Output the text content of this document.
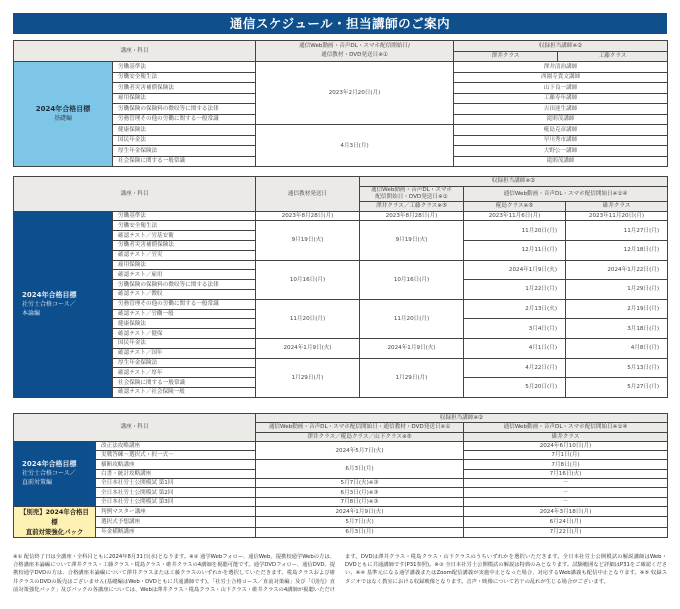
通信スケジュール・担当講師のご案内
講座・科目		通信Web動画・音声DL・スマホ配信開始日/
通信教材・DVD発送日※①	収録担当講師※②	
			澤井クラス	工藤クラス

2024年合格目標
基礎編	労働基準法	2023年2月20日(月)	澤井清治講師	
	労働安全衛生法		西園寺貴文講師	
	労働者災害補償保険法		山下良一講師	
	雇用保険法		工藤寿年講師	
	労働保険の保険料の徴収等に関する法律		吉田達生講師	
	労務管理その他の労働に関する一般常識		滝則茂講師	
	健康保険法	4月3日(月)	椛島克彦講師	
	国民年金法		早川秀市講師	
	厚生年金保険法		大野公一講師	
	社会保険に関する一般常識		滝則茂講師	
講座・科目		通信教材発送日	収録担当講師※②		

			通信Web動画・音声DL・スマホ
配信開始日・DVD発送日※①	通信Web動画・音声DL・スマホ配信開始日※①④	
			澤井クラス／工藤クラス※⑤	椛島クラス※⑤	碓井クラス

2024年合格目標
社労士合格コース／
本論編	労働基準法	2023年8月28日(月)	2023年8月28日(月)	2023年11月6日(月)	2023年11月20日(月)
	労働安全衛生法	9月19日(火)	9月19日(火)	11月20日(月)	11月27日(月)
	確認テスト／労基安衛				
	労働者災害補償保険法			12月11日(月)	12月18日(月)
	確認テスト／労災				
	雇用保険法	10月16日(月)	10月16日(月)	2024年1月9日(火)	2024年1月22日(月)
	確認テスト／雇用				
	労働保険の保険料の徴収等に関する法律			1月22日(月)	1月29日(月)
	確認テスト／徴収				
	労務管理その他の労働に関する一般常識	11月20日(月)	11月20日(月)	2月13日(火)	2月19日(月)
	確認テスト／労働一般				
	健康保険法			3月4日(月)	3月18日(月)
	確認テスト／健保				
	国民年金法	2024年1月9日(火)	2024年1月9日(火)	4月1日(月)	4月8日(月)
	確認テスト／国年				
	厚生年金保険法	1月29日(月)	1月29日(月)	4月22日(月)	5月13日(月)
	確認テスト／厚年				
	社会保険に関する一般常識			5月20日(月)	5月27日(月)
	確認テスト／社会保険一般				
講座・科目		収録担当講師※②	
		通信Web動画・音声DL・スマホ配信開始日・通信教材・DVD発送日※①	通信Web動画・音声DL・スマホ配信開始日※①④
		澤井クラス／椛島クラス／山下クラス※⑤	碓井クラス

2024年合格目標
社労士合格コース／
直前対策編	改正法攻略講座	2024年5月7日(火)	2024年6月10日(月)
	実戦答練～選択式・択一式～		7月1日(月)
	横断攻略講座	6月3日(月)	7月8日(月)
	白書・統計攻略講座		7月16日(火)
	全日本社労士公開模試 第1回	5月7日(火)※③	－
	全日本社労士公開模試 第2回	6月3日(月)※③	－
	全日本社労士公開模試 第3回	7月8日(月)※③	－

【別売】2024年合格目標
直前対策強化パック	判例マスター講座	2024年1月9日(火)	2024年3月18日(月)
	選択式予想講座	5月7日(火)	6月24日(月)
	年金横断講座	6月3日(月)	7月22日(月)
※① 配信終了日は全講座・全科目ともに2024年8月31日(水)となります。※② 通学Webフォロー、通信Web、提携校通学Webの方は、合格講座本論編について澤井クラス・工藤クラス・椛島クラス・碓井クラスの4講師を視聴可能です。通学DVDフォロー、通信DVD、提携校通学DVDの方は、合格講座本論編について澤井クラスまたは工藤クラスのいずれかを選択していただきます。椛島クラスおよび碓井クラスのDVDの販売はございません(基礎編はWeb・DVDともに共通講師です)。「社労士合格コース／直前対策編」及び「《別売》直前対策強化パック」及びパックの各講座については、Webは澤井クラス・椛島クラス・山下クラス・碓井クラスの4講師が視聴いただけます。DVDは澤井クラス・椛島クラス・山下クラスのうちいずれかを選択いただきます。全日本社労士公開模試の解説講師はWeb・DVDともに共通講師です(P31参照)。※③ 全日本社労士公開模試の解説は特典のみとなります。試験範囲など詳細はP31をご確認ください。※④ 基準元になる通学講義またはZoom配信講義が実施中止となった場合、対応するWeb講義も配信中止となります。※⑤ 収録スタジオではなく教室における収録映像となります。音声・映像について若干の乱れが生じる場合がございます。
